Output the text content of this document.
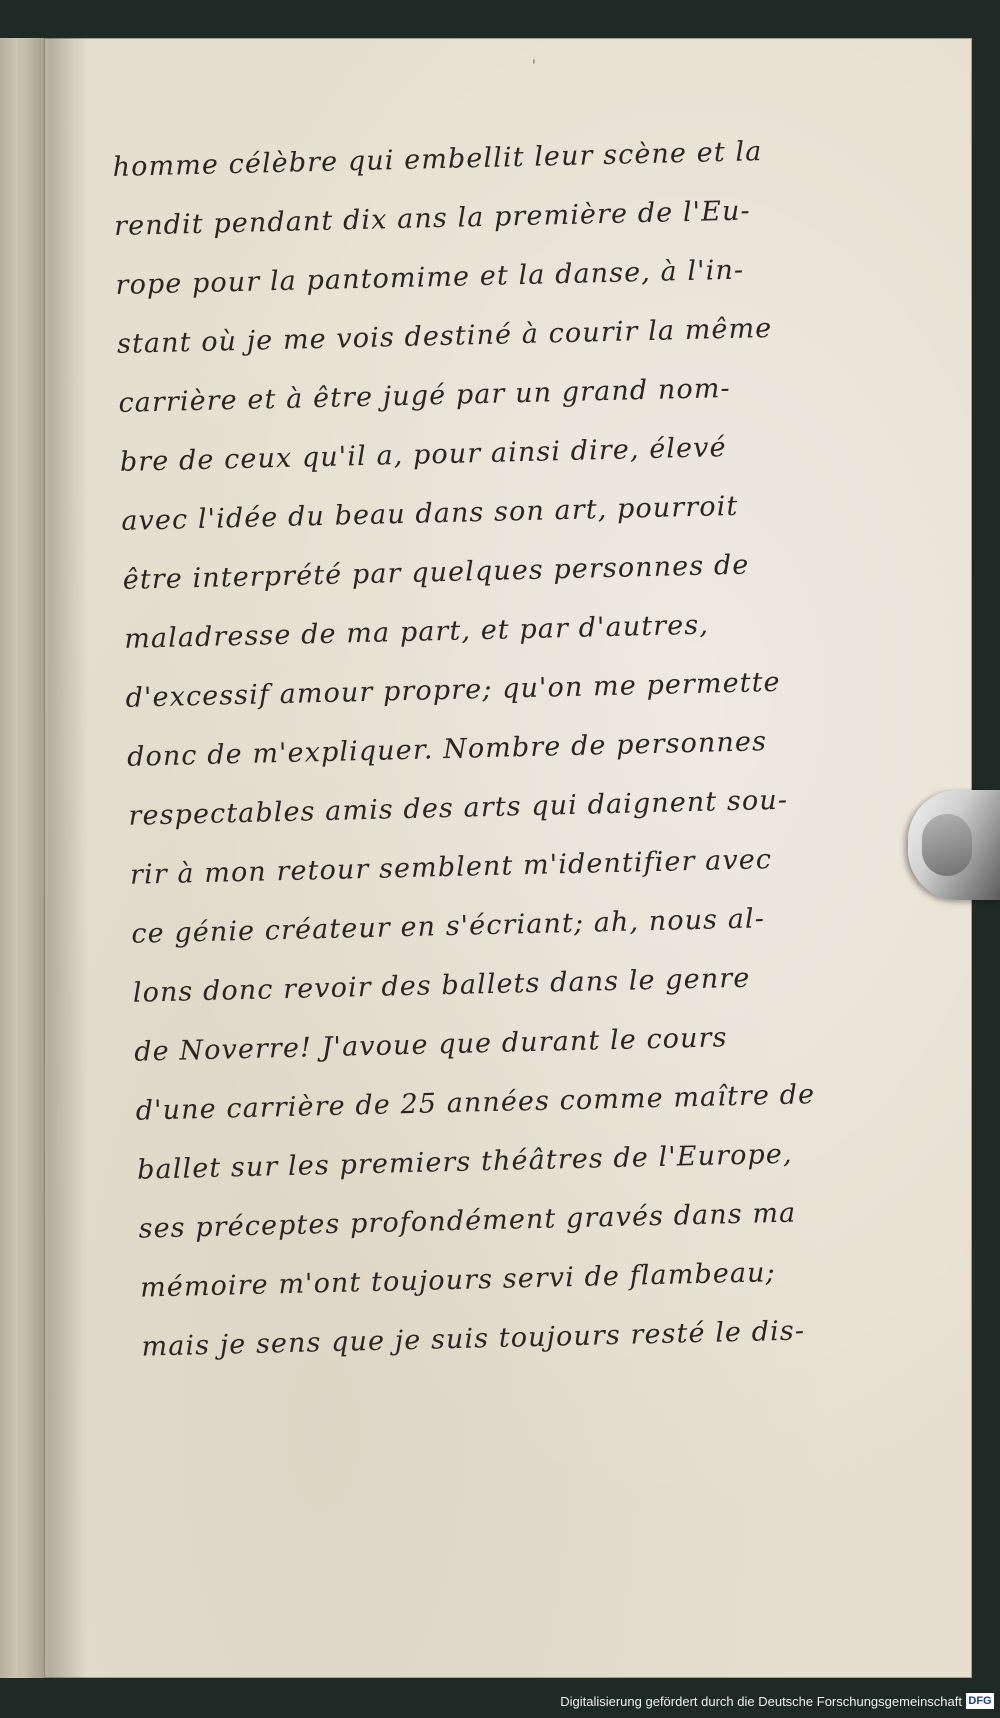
'
homme célèbre qui embellit leur scène et la
rendit pendant dix ans la première de l'Eu-
rope pour la pantomime et la danse, à l'in-
stant où je me vois destiné à courir la même
carrière et à être jugé par un grand nom-
bre de ceux qu'il a, pour ainsi dire, élevé
avec l'idée du beau dans son art, pourroit
être interprété par quelques personnes de
maladresse de ma part, et par d'autres,
d'excessif amour propre; qu'on me permette
donc de m'expliquer. Nombre de personnes
respectables amis des arts qui daignent sou-
rir à mon retour semblent m'identifier avec
ce génie créateur en s'écriant; ah, nous al-
lons donc revoir des ballets dans le genre
de Noverre! J'avoue que durant le cours
d'une carrière de 25 années comme maître de
ballet sur les premiers théâtres de l'Europe,
ses préceptes profondément gravés dans ma
mémoire m'ont toujours servi de flambeau;
mais je sens que je suis toujours resté le dis-
Digitalisierung gefördert durch die Deutsche Forschungsgemeinschaft DFG
